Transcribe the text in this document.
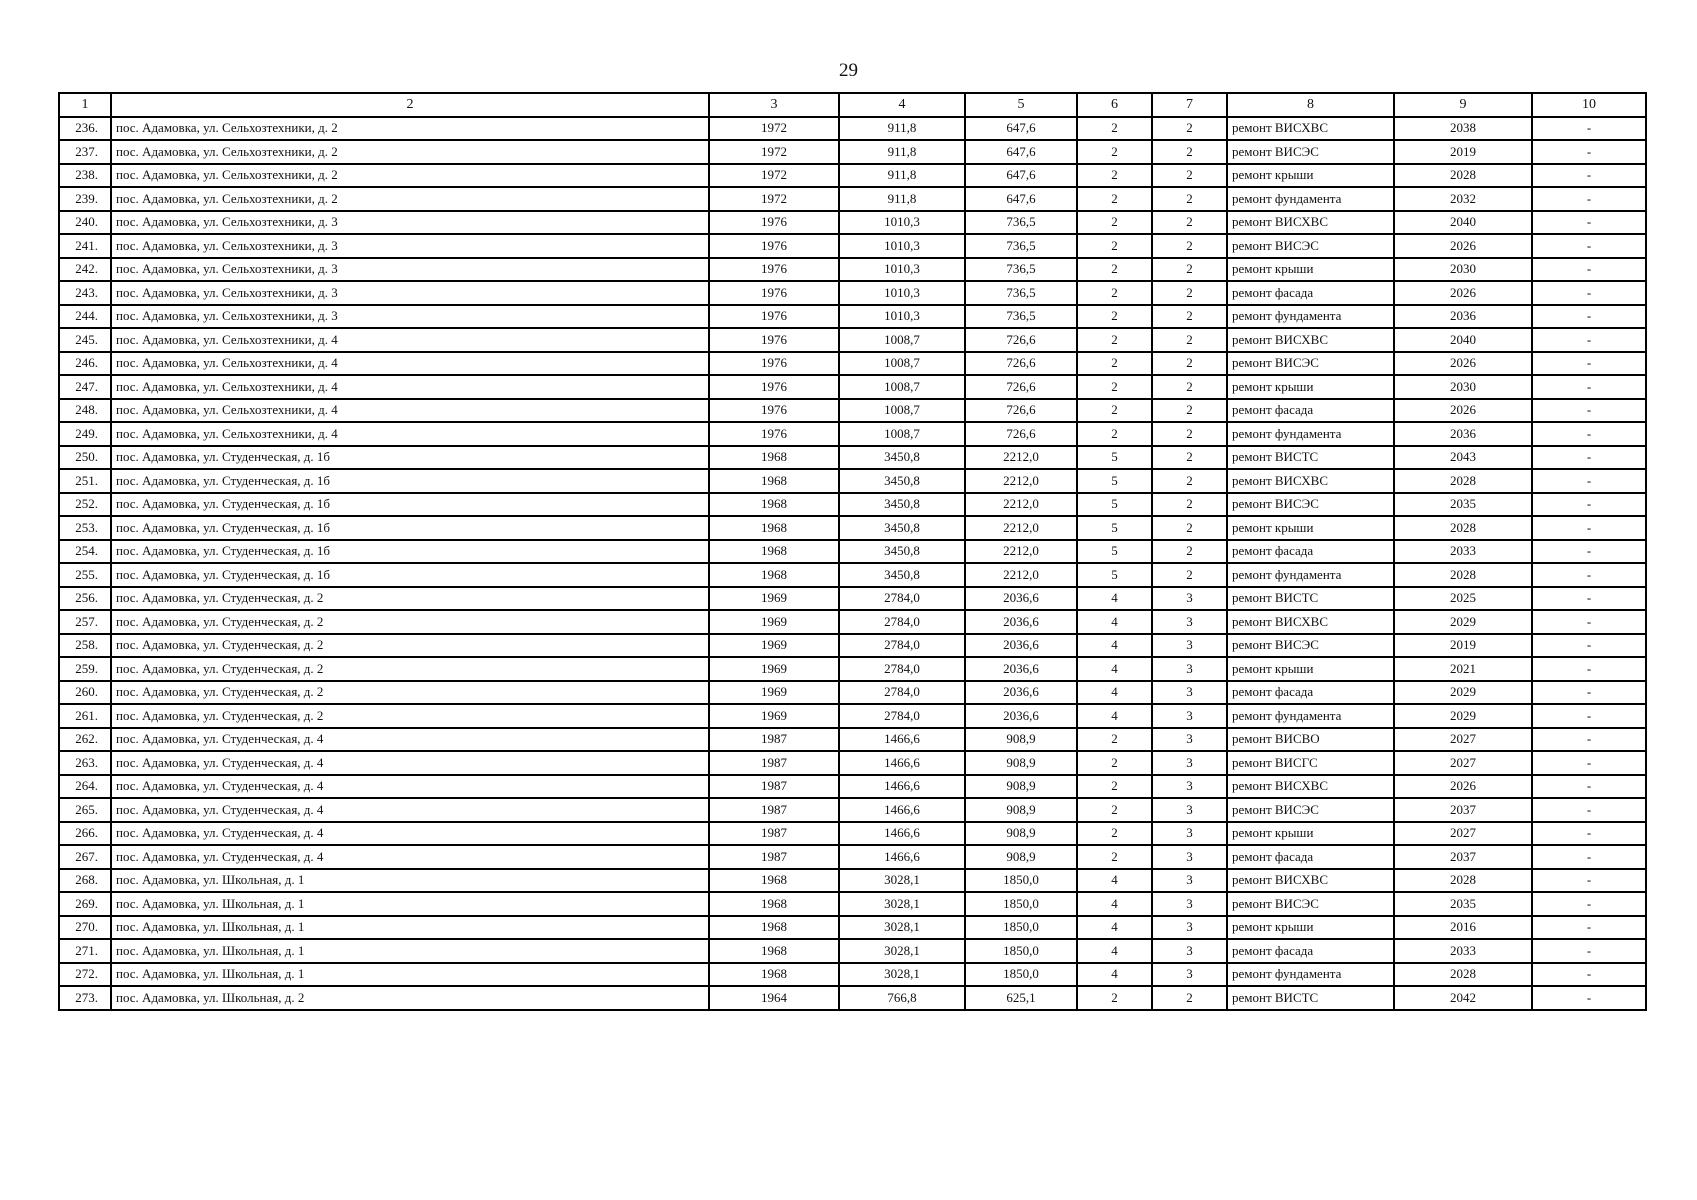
29
1	2	3	4	5	6	7	8	9	10
236.	пос. Адамовка, ул. Сельхозтехники, д. 2	1972	911,8	647,6	2	2	ремонт ВИСХВС	2038	-
237.	пос. Адамовка, ул. Сельхозтехники, д. 2	1972	911,8	647,6	2	2	ремонт ВИСЭС	2019	-
238.	пос. Адамовка, ул. Сельхозтехники, д. 2	1972	911,8	647,6	2	2	ремонт крыши	2028	-
239.	пос. Адамовка, ул. Сельхозтехники, д. 2	1972	911,8	647,6	2	2	ремонт фундамента	2032	-
240.	пос. Адамовка, ул. Сельхозтехники, д. 3	1976	1010,3	736,5	2	2	ремонт ВИСХВС	2040	-
241.	пос. Адамовка, ул. Сельхозтехники, д. 3	1976	1010,3	736,5	2	2	ремонт ВИСЭС	2026	-
242.	пос. Адамовка, ул. Сельхозтехники, д. 3	1976	1010,3	736,5	2	2	ремонт крыши	2030	-
243.	пос. Адамовка, ул. Сельхозтехники, д. 3	1976	1010,3	736,5	2	2	ремонт фасада	2026	-
244.	пос. Адамовка, ул. Сельхозтехники, д. 3	1976	1010,3	736,5	2	2	ремонт фундамента	2036	-
245.	пос. Адамовка, ул. Сельхозтехники, д. 4	1976	1008,7	726,6	2	2	ремонт ВИСХВС	2040	-
246.	пос. Адамовка, ул. Сельхозтехники, д. 4	1976	1008,7	726,6	2	2	ремонт ВИСЭС	2026	-
247.	пос. Адамовка, ул. Сельхозтехники, д. 4	1976	1008,7	726,6	2	2	ремонт крыши	2030	-
248.	пос. Адамовка, ул. Сельхозтехники, д. 4	1976	1008,7	726,6	2	2	ремонт фасада	2026	-
249.	пос. Адамовка, ул. Сельхозтехники, д. 4	1976	1008,7	726,6	2	2	ремонт фундамента	2036	-
250.	пос. Адамовка, ул. Студенческая, д. 1б	1968	3450,8	2212,0	5	2	ремонт ВИСТС	2043	-
251.	пос. Адамовка, ул. Студенческая, д. 1б	1968	3450,8	2212,0	5	2	ремонт ВИСХВС	2028	-
252.	пос. Адамовка, ул. Студенческая, д. 1б	1968	3450,8	2212,0	5	2	ремонт ВИСЭС	2035	-
253.	пос. Адамовка, ул. Студенческая, д. 1б	1968	3450,8	2212,0	5	2	ремонт крыши	2028	-
254.	пос. Адамовка, ул. Студенческая, д. 1б	1968	3450,8	2212,0	5	2	ремонт фасада	2033	-
255.	пос. Адамовка, ул. Студенческая, д. 1б	1968	3450,8	2212,0	5	2	ремонт фундамента	2028	-
256.	пос. Адамовка, ул. Студенческая, д. 2	1969	2784,0	2036,6	4	3	ремонт ВИСТС	2025	-
257.	пос. Адамовка, ул. Студенческая, д. 2	1969	2784,0	2036,6	4	3	ремонт ВИСХВС	2029	-
258.	пос. Адамовка, ул. Студенческая, д. 2	1969	2784,0	2036,6	4	3	ремонт ВИСЭС	2019	-
259.	пос. Адамовка, ул. Студенческая, д. 2	1969	2784,0	2036,6	4	3	ремонт крыши	2021	-
260.	пос. Адамовка, ул. Студенческая, д. 2	1969	2784,0	2036,6	4	3	ремонт фасада	2029	-
261.	пос. Адамовка, ул. Студенческая, д. 2	1969	2784,0	2036,6	4	3	ремонт фундамента	2029	-
262.	пос. Адамовка, ул. Студенческая, д. 4	1987	1466,6	908,9	2	3	ремонт ВИСВО	2027	-
263.	пос. Адамовка, ул. Студенческая, д. 4	1987	1466,6	908,9	2	3	ремонт ВИСГС	2027	-
264.	пос. Адамовка, ул. Студенческая, д. 4	1987	1466,6	908,9	2	3	ремонт ВИСХВС	2026	-
265.	пос. Адамовка, ул. Студенческая, д. 4	1987	1466,6	908,9	2	3	ремонт ВИСЭС	2037	-
266.	пос. Адамовка, ул. Студенческая, д. 4	1987	1466,6	908,9	2	3	ремонт крыши	2027	-
267.	пос. Адамовка, ул. Студенческая, д. 4	1987	1466,6	908,9	2	3	ремонт фасада	2037	-
268.	пос. Адамовка, ул. Школьная, д. 1	1968	3028,1	1850,0	4	3	ремонт ВИСХВС	2028	-
269.	пос. Адамовка, ул. Школьная, д. 1	1968	3028,1	1850,0	4	3	ремонт ВИСЭС	2035	-
270.	пос. Адамовка, ул. Школьная, д. 1	1968	3028,1	1850,0	4	3	ремонт крыши	2016	-
271.	пос. Адамовка, ул. Школьная, д. 1	1968	3028,1	1850,0	4	3	ремонт фасада	2033	-
272.	пос. Адамовка, ул. Школьная, д. 1	1968	3028,1	1850,0	4	3	ремонт фундамента	2028	-
273.	пос. Адамовка, ул. Школьная, д. 2	1964	766,8	625,1	2	2	ремонт ВИСТС	2042	-
